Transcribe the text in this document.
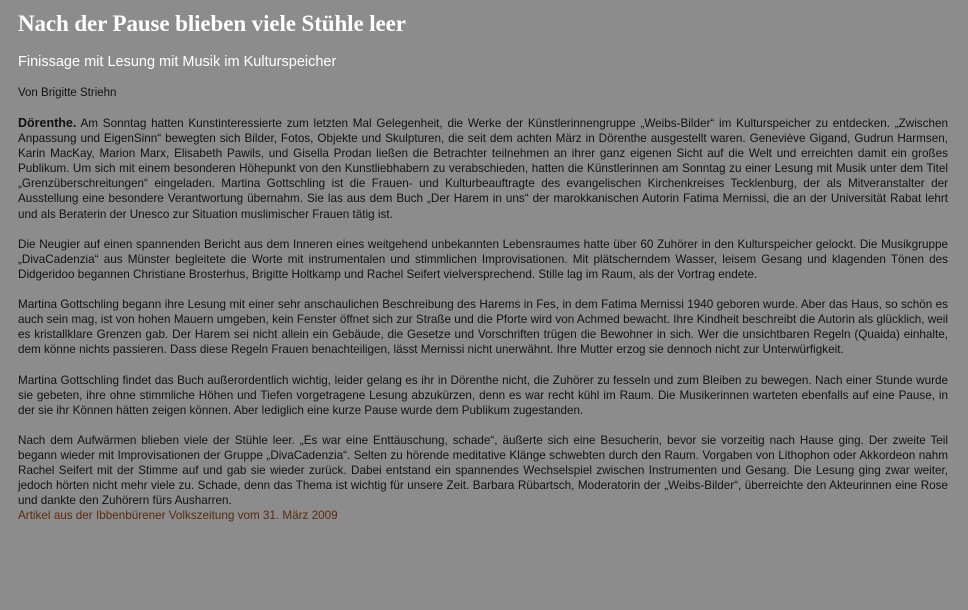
Nach der Pause blieben viele Stühle leer
Finissage mit Lesung mit Musik im Kulturspeicher
Von Brigitte Striehn

Dörenthe. Am Sonntag hatten Kunstinteressierte zum letzten Mal Gelegenheit, die Werke der Künstlerinnengruppe „Weibs-Bilder“ im Kulturspeicher zu entdecken. „Zwischen Anpassung und EigenSinn“ bewegten sich Bilder, Fotos, Objekte und Skulpturen, die seit dem achten März in Dörenthe ausgestellt waren. Geneviève Gigand, Gudrun Harmsen, Karin MacKay, Marion Marx, Elisabeth Pawils, und Gisella Prodan ließen die Betrachter teilnehmen an ihrer ganz eigenen Sicht auf die Welt und erreichten damit ein großes Publikum. Um sich mit einem besonderen Höhepunkt von den Kunstliebhabern zu verabschieden, hatten die Künstlerinnen am Sonntag zu einer Lesung mit Musik unter dem Titel „Grenzüberschreitungen“ eingeladen. Martina Gottschling ist die Frauen- und Kulturbeauftragte des evangelischen Kirchenkreises Tecklenburg, der als Mitveranstalter der Ausstellung eine besondere Verantwortung übernahm. Sie las aus dem Buch „Der Harem in uns“ der marokkanischen Autorin Fatima Mernissi, die an der Universität Rabat lehrt und als Beraterin der Unesco zur Situation muslimischer Frauen tätig ist.

Die Neugier auf einen spannenden Bericht aus dem Inneren eines weitgehend unbekannten Lebensraumes hatte über 60 Zuhörer in den Kulturspeicher gelockt. Die Musikgruppe „DivaCadenzia“ aus Münster begleitete die Worte mit instrumentalen und stimmlichen Improvisationen. Mit plätscherndem Wasser, leisem Gesang und klagenden Tönen des Didgeridoo begannen Christiane Brosterhus, Brigitte Holtkamp und Rachel Seifert vielversprechend. Stille lag im Raum, als der Vortrag endete.

Martina Gottschling begann ihre Lesung mit einer sehr anschaulichen Beschreibung des Harems in Fes, in dem Fatima Mernissi 1940 geboren wurde. Aber das Haus, so schön es auch sein mag, ist von hohen Mauern umgeben, kein Fenster öffnet sich zur Straße und die Pforte wird von Achmed bewacht. Ihre Kindheit beschreibt die Autorin als glücklich, weil es kristallklare Grenzen gab. Der Harem sei nicht allein ein Gebäude, die Gesetze und Vorschriften trügen die Bewohner in sich. Wer die unsichtbaren Regeln (Quaida) einhalte, dem könne nichts passieren. Dass diese Regeln Frauen benachteiligen, lässt Mernissi nicht unerwähnt. Ihre Mutter erzog sie dennoch nicht zur Unterwürfigkeit.

Martina Gottschling findet das Buch außerordentlich wichtig, leider gelang es ihr in Dörenthe nicht, die Zuhörer zu fesseln und zum Bleiben zu bewegen. Nach einer Stunde wurde sie gebeten, ihre ohne stimmliche Höhen und Tiefen vorgetragene Lesung abzukürzen, denn es war recht kühl im Raum. Die Musikerinnen warteten ebenfalls auf eine Pause, in der sie ihr Können hätten zeigen können. Aber lediglich eine kurze Pause wurde dem Publikum zugestanden.

Nach dem Aufwärmen blieben viele der Stühle leer. „Es war eine Enttäuschung, schade“, äußerte sich eine Besucherin, bevor sie vorzeitig nach Hause ging. Der zweite Teil begann wieder mit Improvisationen der Gruppe „DivaCadenzia“. Selten zu hörende meditative Klänge schwebten durch den Raum. Vorgaben von Lithophon oder Akkordeon nahm Rachel Seifert mit der Stimme auf und gab sie wieder zurück. Dabei entstand ein spannendes Wechselspiel zwischen Instrumenten und Gesang. Die Lesung ging zwar weiter, jedoch hörten nicht mehr viele zu. Schade, denn das Thema ist wichtig für unsere Zeit. Barbara Rübartsch, Moderatorin der „Weibs-Bilder“, überreichte den Akteurinnen eine Rose und dankte den Zuhörern fürs Ausharren.

Artikel aus der Ibbenbürener Volkszeitung vom 31. März 2009
